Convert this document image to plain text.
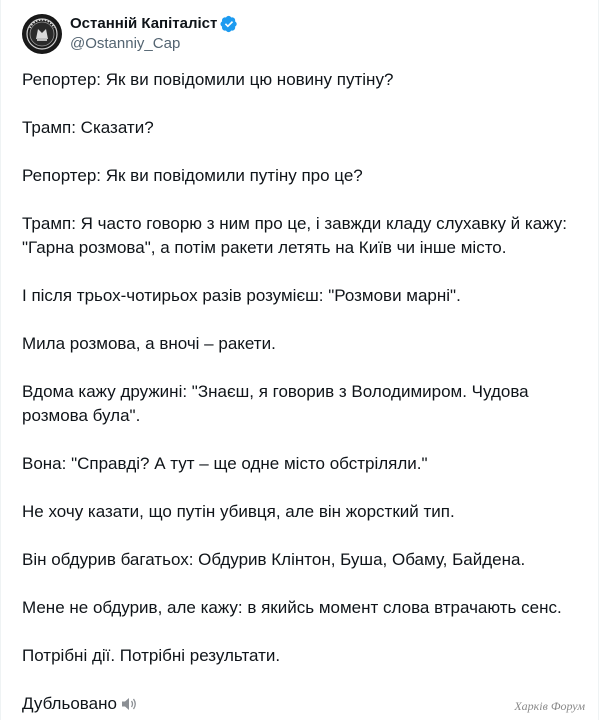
Останній Капіталіст
@Ostanniy_Cap

Репортер: Як ви повідомили цю новину путіну?

Трамп: Сказати?

Репортер: Як ви повідомили путіну про це?

Трамп: Я часто говорю з ним про це, і завжди кладу слухавку й кажу:
"Гарна розмова", а потім ракети летять на Київ чи інше місто.

І після трьох-чотирьох разів розумієш: "Розмови марні".

Мила розмова, а вночі – ракети.

Вдома кажу дружині: "Знаєш, я говорив з Володимиром. Чудова
розмова була".

Вона: "Справді? А тут – ще одне місто обстріляли."

Не хочу казати, що путін убивця, але він жорсткий тип.

Він обдурив багатьох: Обдурив Клінтон, Буша, Обаму, Байдена.

Мене не обдурив, але кажу: в якийсь момент слова втрачають сенс.

Потрібні дії. Потрібні результати.

Дубльовано	Харків Форум
